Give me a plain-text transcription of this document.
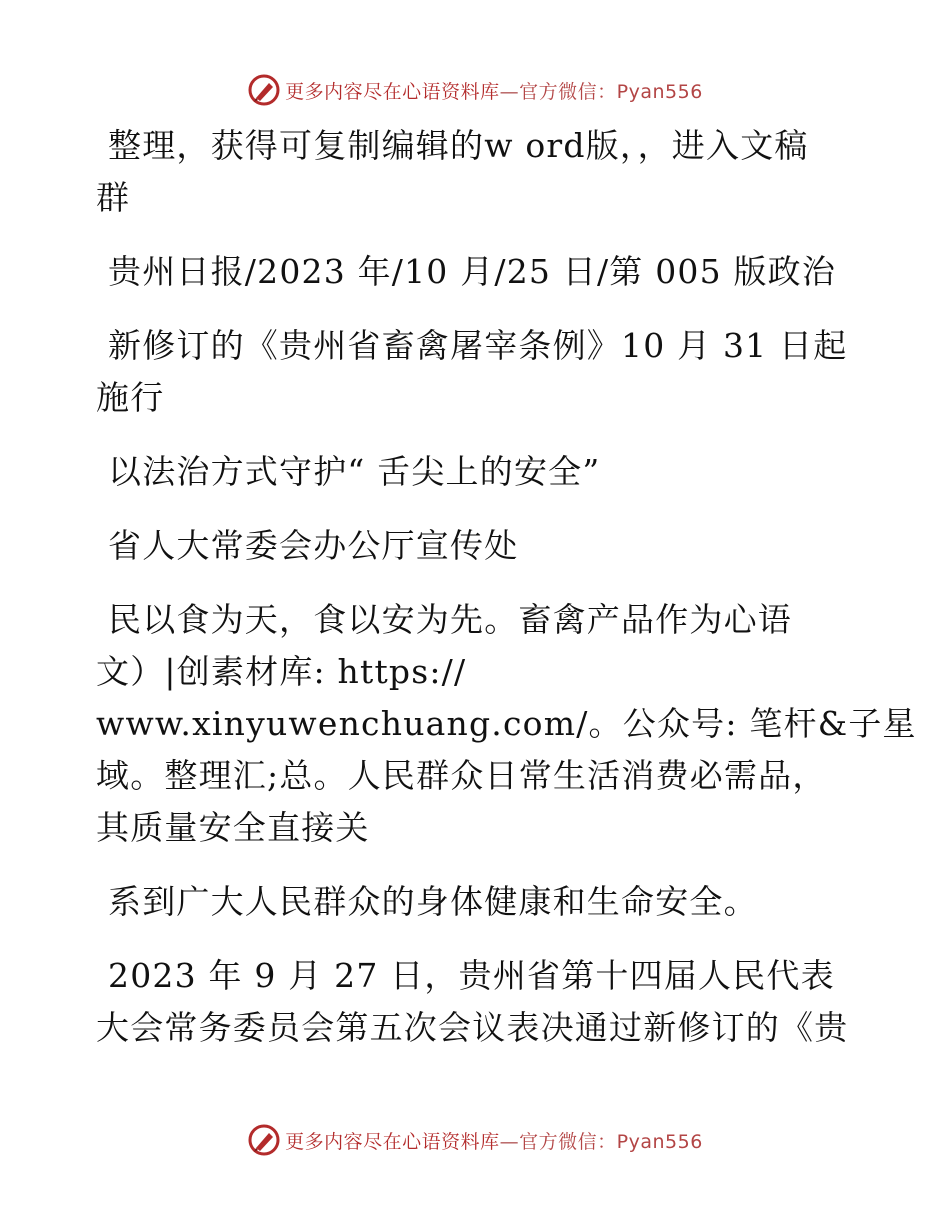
更多内容尽在心语资料库—官方微信：Pyan556

整理，获得可复制编辑的w ord版，，进入文稿
群

贵州日报/2023 年/10 月/25 日/第 005 版政治

新修订的《贵州省畜禽屠宰条例》10 月 31 日起
施行

以法治方式守护“ 舌尖上的安全”

省人大常委会办公厅宣传处

民以食为天，食以安为先。畜禽产品作为心语
文）|创素材库: https://
www.xinyuwenchuang.com/。公众号: 笔杆&子星
域。整理汇;总。人民群众日常生活消费必需品，
其质量安全直接关

系到广大人民群众的身体健康和生命安全。

2023 年 9 月 27 日，贵州省第十四届人民代表
大会常务委员会第五次会议表决通过新修订的《贵

更多内容尽在心语资料库—官方微信：Pyan556
